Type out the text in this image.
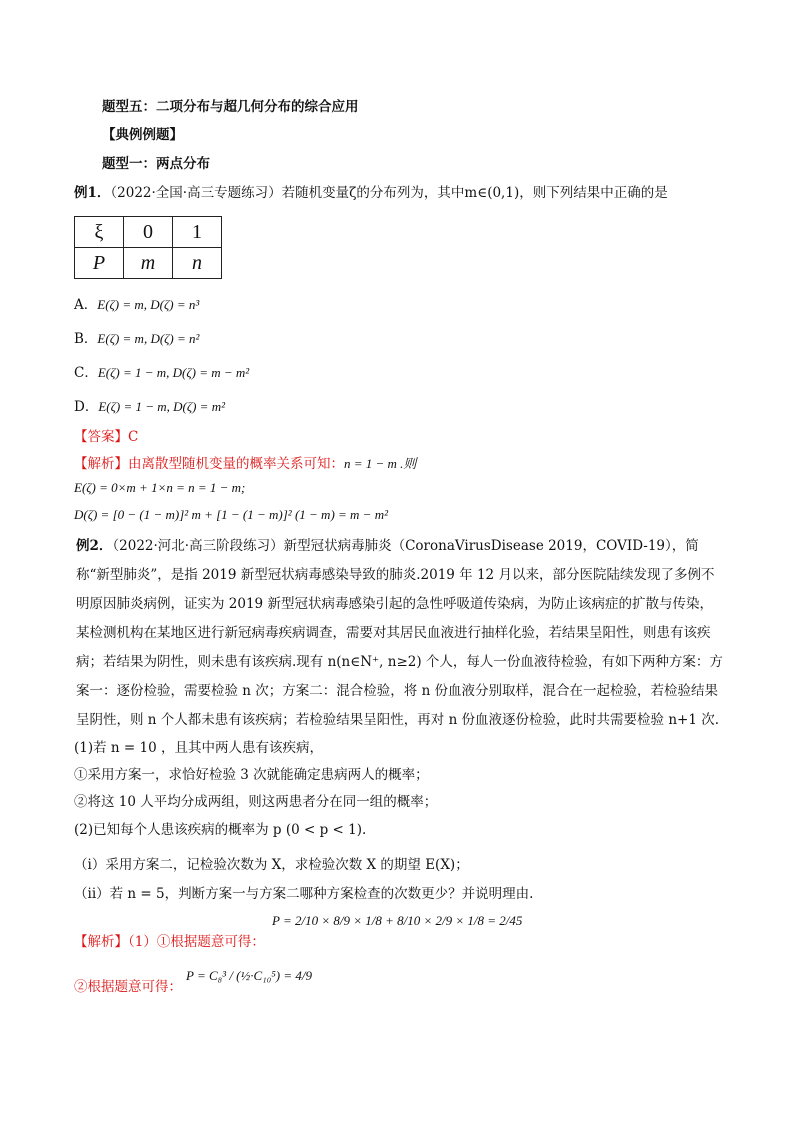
题型五：二项分布与超几何分布的综合应用
【典例例题】
题型一：两点分布
例1．（2022·全国·高三专题练习）若随机变量ζ的分布列为，其中m∈(0,1)，则下列结果中正确的是
ξ	0	1
P	m	n
A．E(ζ) = m, D(ζ) = n³
B．E(ζ) = m, D(ζ) = n²
C．E(ζ) = 1 − m, D(ζ) = m − m²
D．E(ζ) = 1 − m, D(ζ) = m²
【答案】C
【解析】由离散型随机变量的概率关系可知：n = 1 − m .则
E(ζ) = 0×m + 1×n = n = 1 − m;
D(ζ) = [0 − (1 − m)]² m + [1 − (1 − m)]² (1 − m) = m − m²
例2．（2022·河北·高三阶段练习）新型冠状病毒肺炎（CoronaVirusDisease 2019，COVID-19），简称“新型肺炎”，是指 2019 新型冠状病毒感染导致的肺炎.2019 年 12 月以来，部分医院陆续发现了多例不明原因肺炎病例，证实为 2019 新型冠状病毒感染引起的急性呼吸道传染病，为防止该病症的扩散与传染，某检测机构在某地区进行新冠病毒疾病调查，需要对其居民血液进行抽样化验，若结果呈阳性，则患有该疾病；若结果为阴性，则未患有该疾病.现有 n(n∈N⁺, n≥2) 个人，每人一份血液待检验，有如下两种方案：方案一：逐份检验，需要检验 n 次；方案二：混合检验，将 n 份血液分别取样，混合在一起检验，若检验结果呈阴性，则 n 个人都未患有该疾病；若检验结果呈阳性，再对 n 份血液逐份检验，此时共需要检验 n+1 次.
(1)若 n = 10 ，且其中两人患有该疾病，
①采用方案一，求恰好检验 3 次就能确定患病两人的概率；
②将这 10 人平均分成两组，则这两患者分在同一组的概率；
(2)已知每个人患该疾病的概率为 p (0 < p < 1).
（i）采用方案二，记检验次数为 X，求检验次数 X 的期望 E(X)；
（ii）若 n = 5，判断方案一与方案二哪种方案检查的次数更少？并说明理由.
【解析】（1）①根据题意可得：
P = 2/10 × 8/9 × 1/8 + 8/10 × 2/9 × 1/8 = 2/45
②根据题意可得：
P = C₈³ / (½·C₁₀⁵) = 4/9
